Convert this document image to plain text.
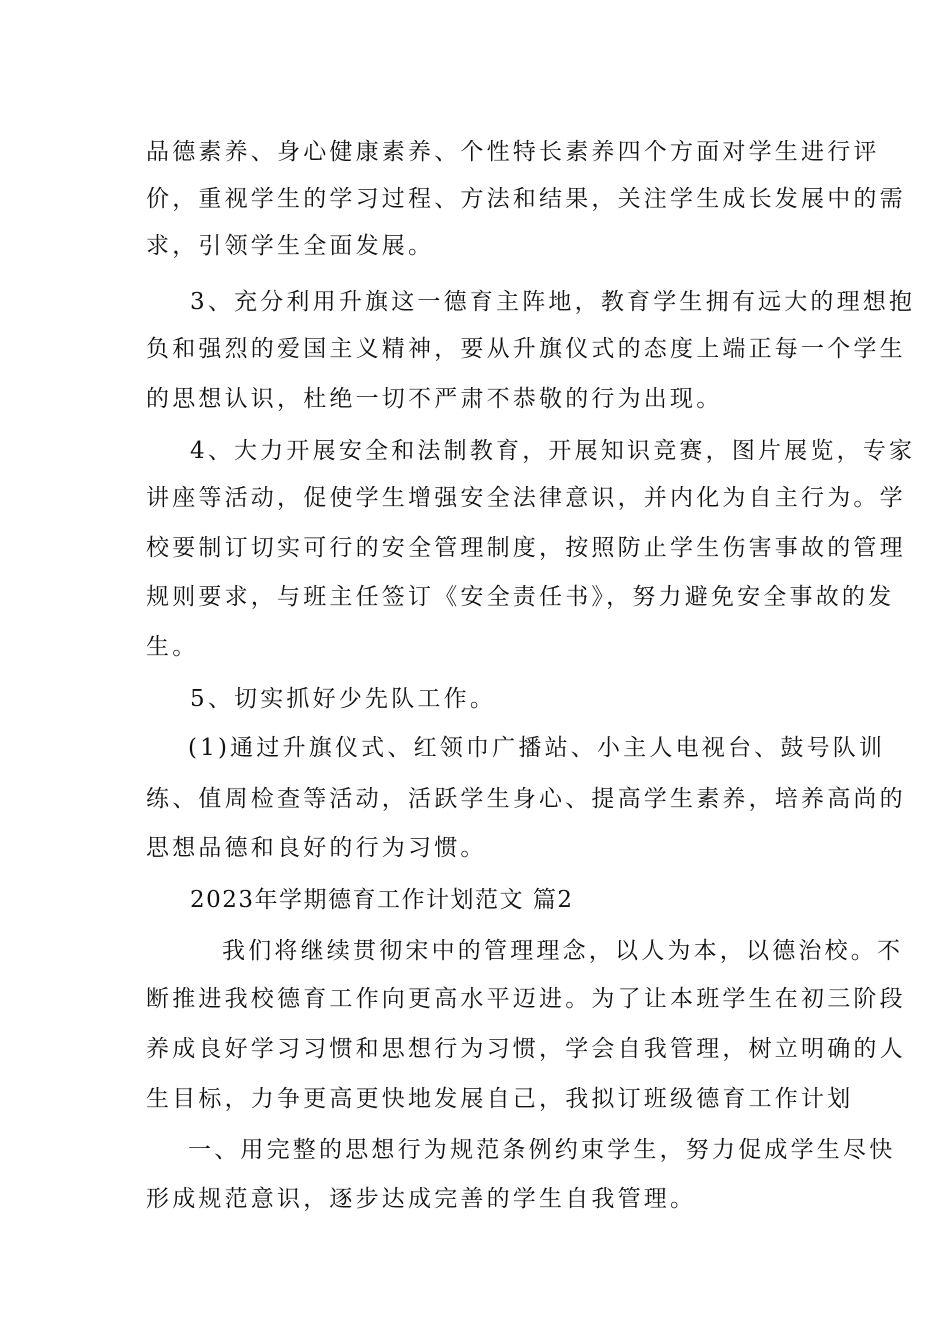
品德素养、身心健康素养、个性特长素养四个方面对学生进行评
价，重视学生的学习过程、方法和结果，关注学生成长发展中的需
求，引领学生全面发展。
3、充分利用升旗这一德育主阵地，教育学生拥有远大的理想抱
负和强烈的爱国主义精神，要从升旗仪式的态度上端正每一个学生
的思想认识，杜绝一切不严肃不恭敬的行为出现。
4、大力开展安全和法制教育，开展知识竞赛，图片展览，专家
讲座等活动，促使学生增强安全法律意识，并内化为自主行为。学
校要制订切实可行的安全管理制度，按照防止学生伤害事故的管理
规则要求，与班主任签订《安全责任书》，努力避免安全事故的发
生。
5、切实抓好少先队工作。
(1)通过升旗仪式、红领巾广播站、小主人电视台、鼓号队训
练、值周检查等活动，活跃学生身心、提高学生素养，培养高尚的
思想品德和良好的行为习惯。
2023年学期德育工作计划范文 篇2
我们将继续贯彻宋中的管理理念，以人为本，以德治校。不
断推进我校德育工作向更高水平迈进。为了让本班学生在初三阶段
养成良好学习习惯和思想行为习惯，学会自我管理，树立明确的人
生目标，力争更高更快地发展自己，我拟订班级德育工作计划
一、用完整的思想行为规范条例约束学生，努力促成学生尽快
形成规范意识，逐步达成完善的学生自我管理。
